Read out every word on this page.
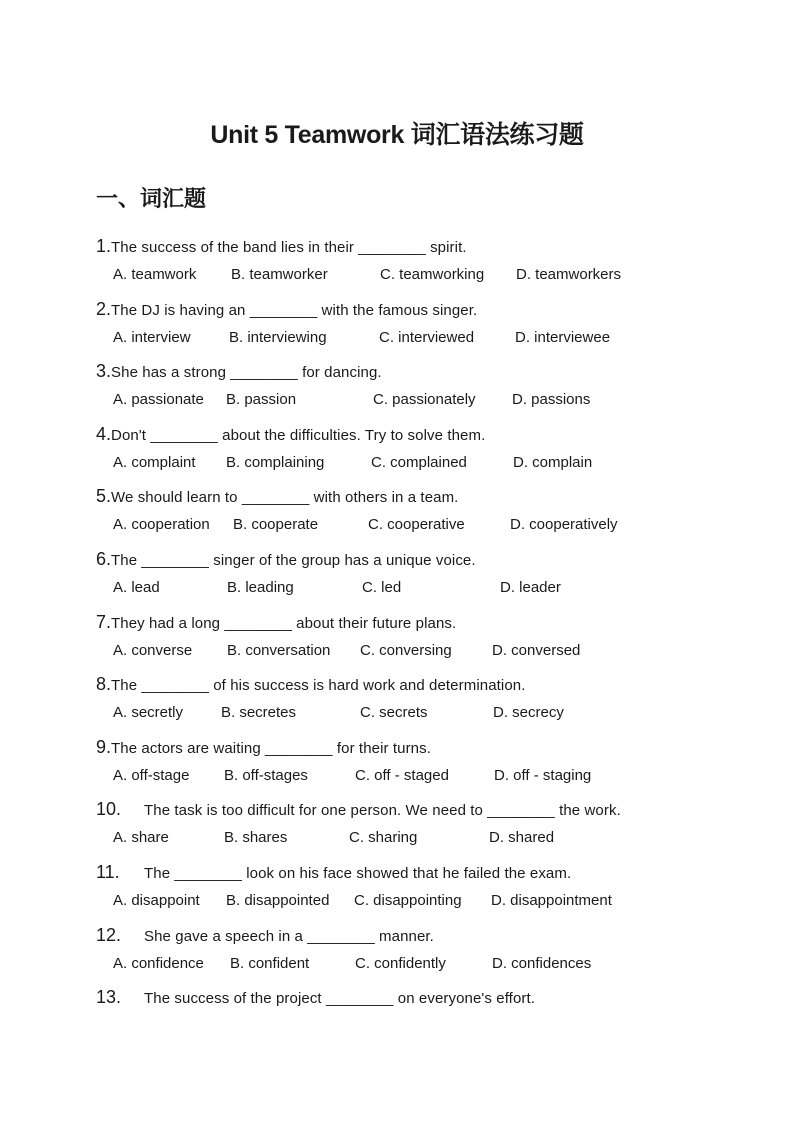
Unit 5 Teamwork 词汇语法练习题
一、词汇题
1.The success of the band lies in their ________ spirit.
A. teamwork B. teamworker	C. teamworking D. teamworkers
2.The DJ is having an ________ with the famous singer.
A. interview	B. interviewing	C. interviewed	D. interviewee
3.She has a strong ________ for dancing.
A. passionate B. passion	C. passionately D. passions
4.Don't ________ about the difficulties. Try to solve them.
A. complaint B. complaining	C. complained	D. complain
5.We should learn to ________ with others in a team.
A. cooperation B. cooperate	C. cooperative	D. cooperatively
6.The ________ singer of the group has a unique voice.
A. lead	B. leading	C. led	D. leader
7.They had a long ________ about their future plans.
A. converse B. conversation C. conversing	D. conversed
8.The ________ of his success is hard work and determination.
A. secretly	B. secretes	C. secrets	D. secrecy
9.The actors are waiting ________ for their turns.
A. off-stage B. off-stages	C. off - staged	D. off - staging
10. The task is too difficult for one person. We need to ________ the work.
A. share	B. shares	C. sharing	D. shared
11. The ________ look on his face showed that he failed the exam.
A. disappoint B. disappointed C. disappointing D. disappointment
12. She gave a speech in a ________ manner.
A. confidence B. confident	C. confidently	D. confidences
13. The success of the project ________ on everyone's effort.
